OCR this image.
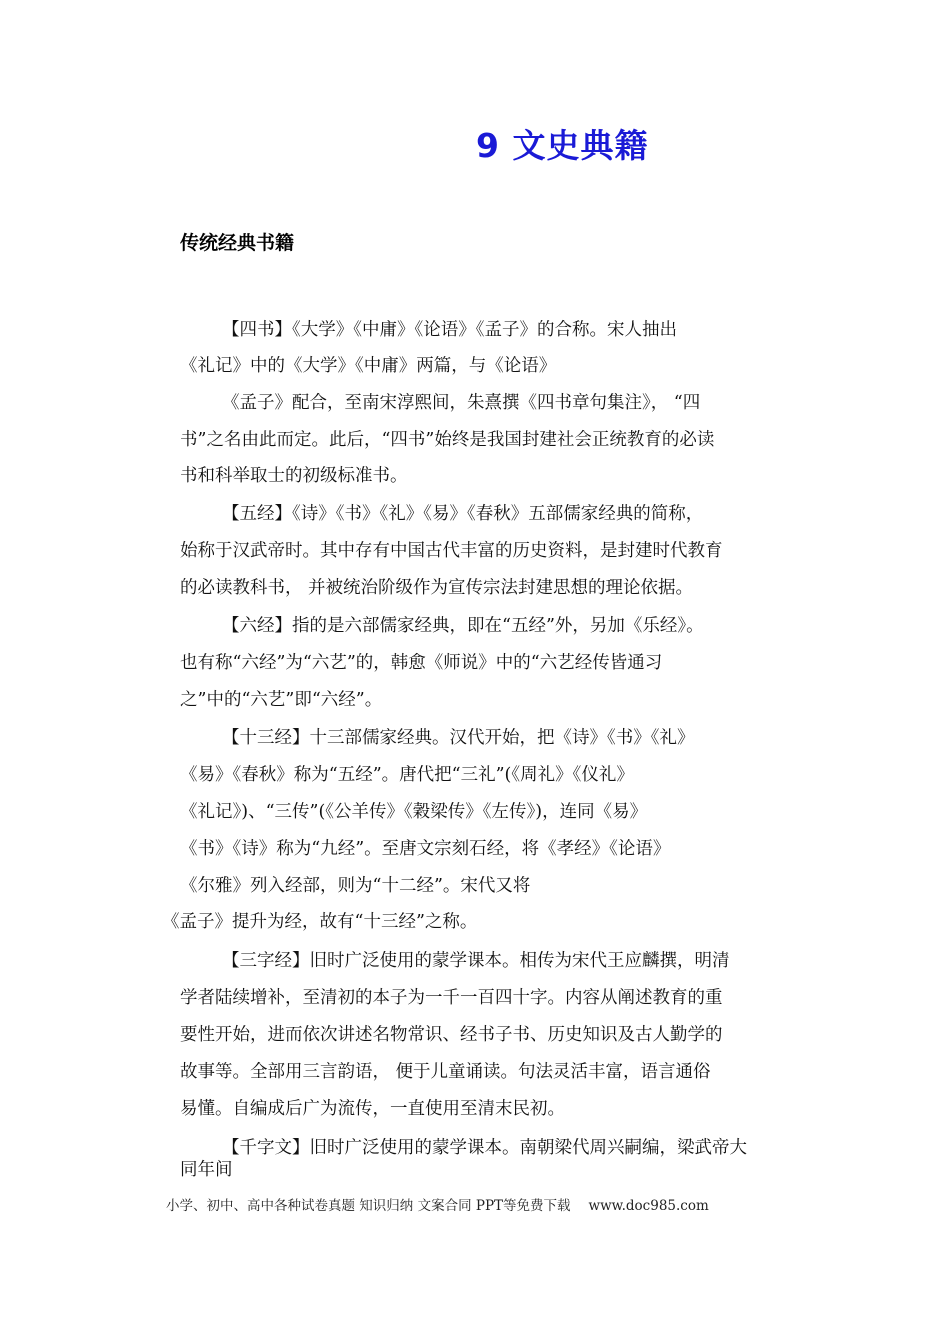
9 文史典籍
传统经典书籍
【四书】《大学》《中庸》《论语》《孟子》的合称。宋人抽出
《礼记》中的《大学》《中庸》两篇，与《论语》
《孟子》配合，至南宋淳熙间，朱熹撰《四书章句集注》， “四
书”之名由此而定。此后，“四书”始终是我国封建社会正统教育的必读
书和科举取士的初级标准书。
【五经】《诗》《书》《礼》《易》《春秋》五部儒家经典的简称，
始称于汉武帝时。其中存有中国古代丰富的历史资料，是封建时代教育
的必读教科书， 并被统治阶级作为宣传宗法封建思想的理论依据。
【六经】指的是六部儒家经典，即在“五经”外，另加《乐经》。
也有称“六经”为“六艺”的，韩愈《师说》中的“六艺经传皆通习
之”中的“六艺”即“六经”。
【十三经】十三部儒家经典。汉代开始，把《诗》《书》《礼》
《易》《春秋》称为“五经”。唐代把“三礼”(《周礼》《仪礼》
《礼记》)、“三传”(《公羊传》《穀梁传》《左传》)，连同《易》
《书》《诗》称为“九经”。至唐文宗刻石经，将《孝经》《论语》
《尔雅》列入经部，则为“十二经”。宋代又将
《孟子》提升为经，故有“十三经”之称。
【三字经】旧时广泛使用的蒙学课本。相传为宋代王应麟撰，明清
学者陆续增补，至清初的本子为一千一百四十字。内容从阐述教育的重
要性开始，进而依次讲述名物常识、经书子书、历史知识及古人勤学的
故事等。全部用三言韵语， 便于儿童诵读。句法灵活丰富，语言通俗
易懂。自编成后广为流传，一直使用至清末民初。
【千字文】旧时广泛使用的蒙学课本。南朝梁代周兴嗣编，梁武帝大
同年间
小学、初中、高中各种试卷真题 知识归纳 文案合同 PPT等免费下载 www.doc985.com
